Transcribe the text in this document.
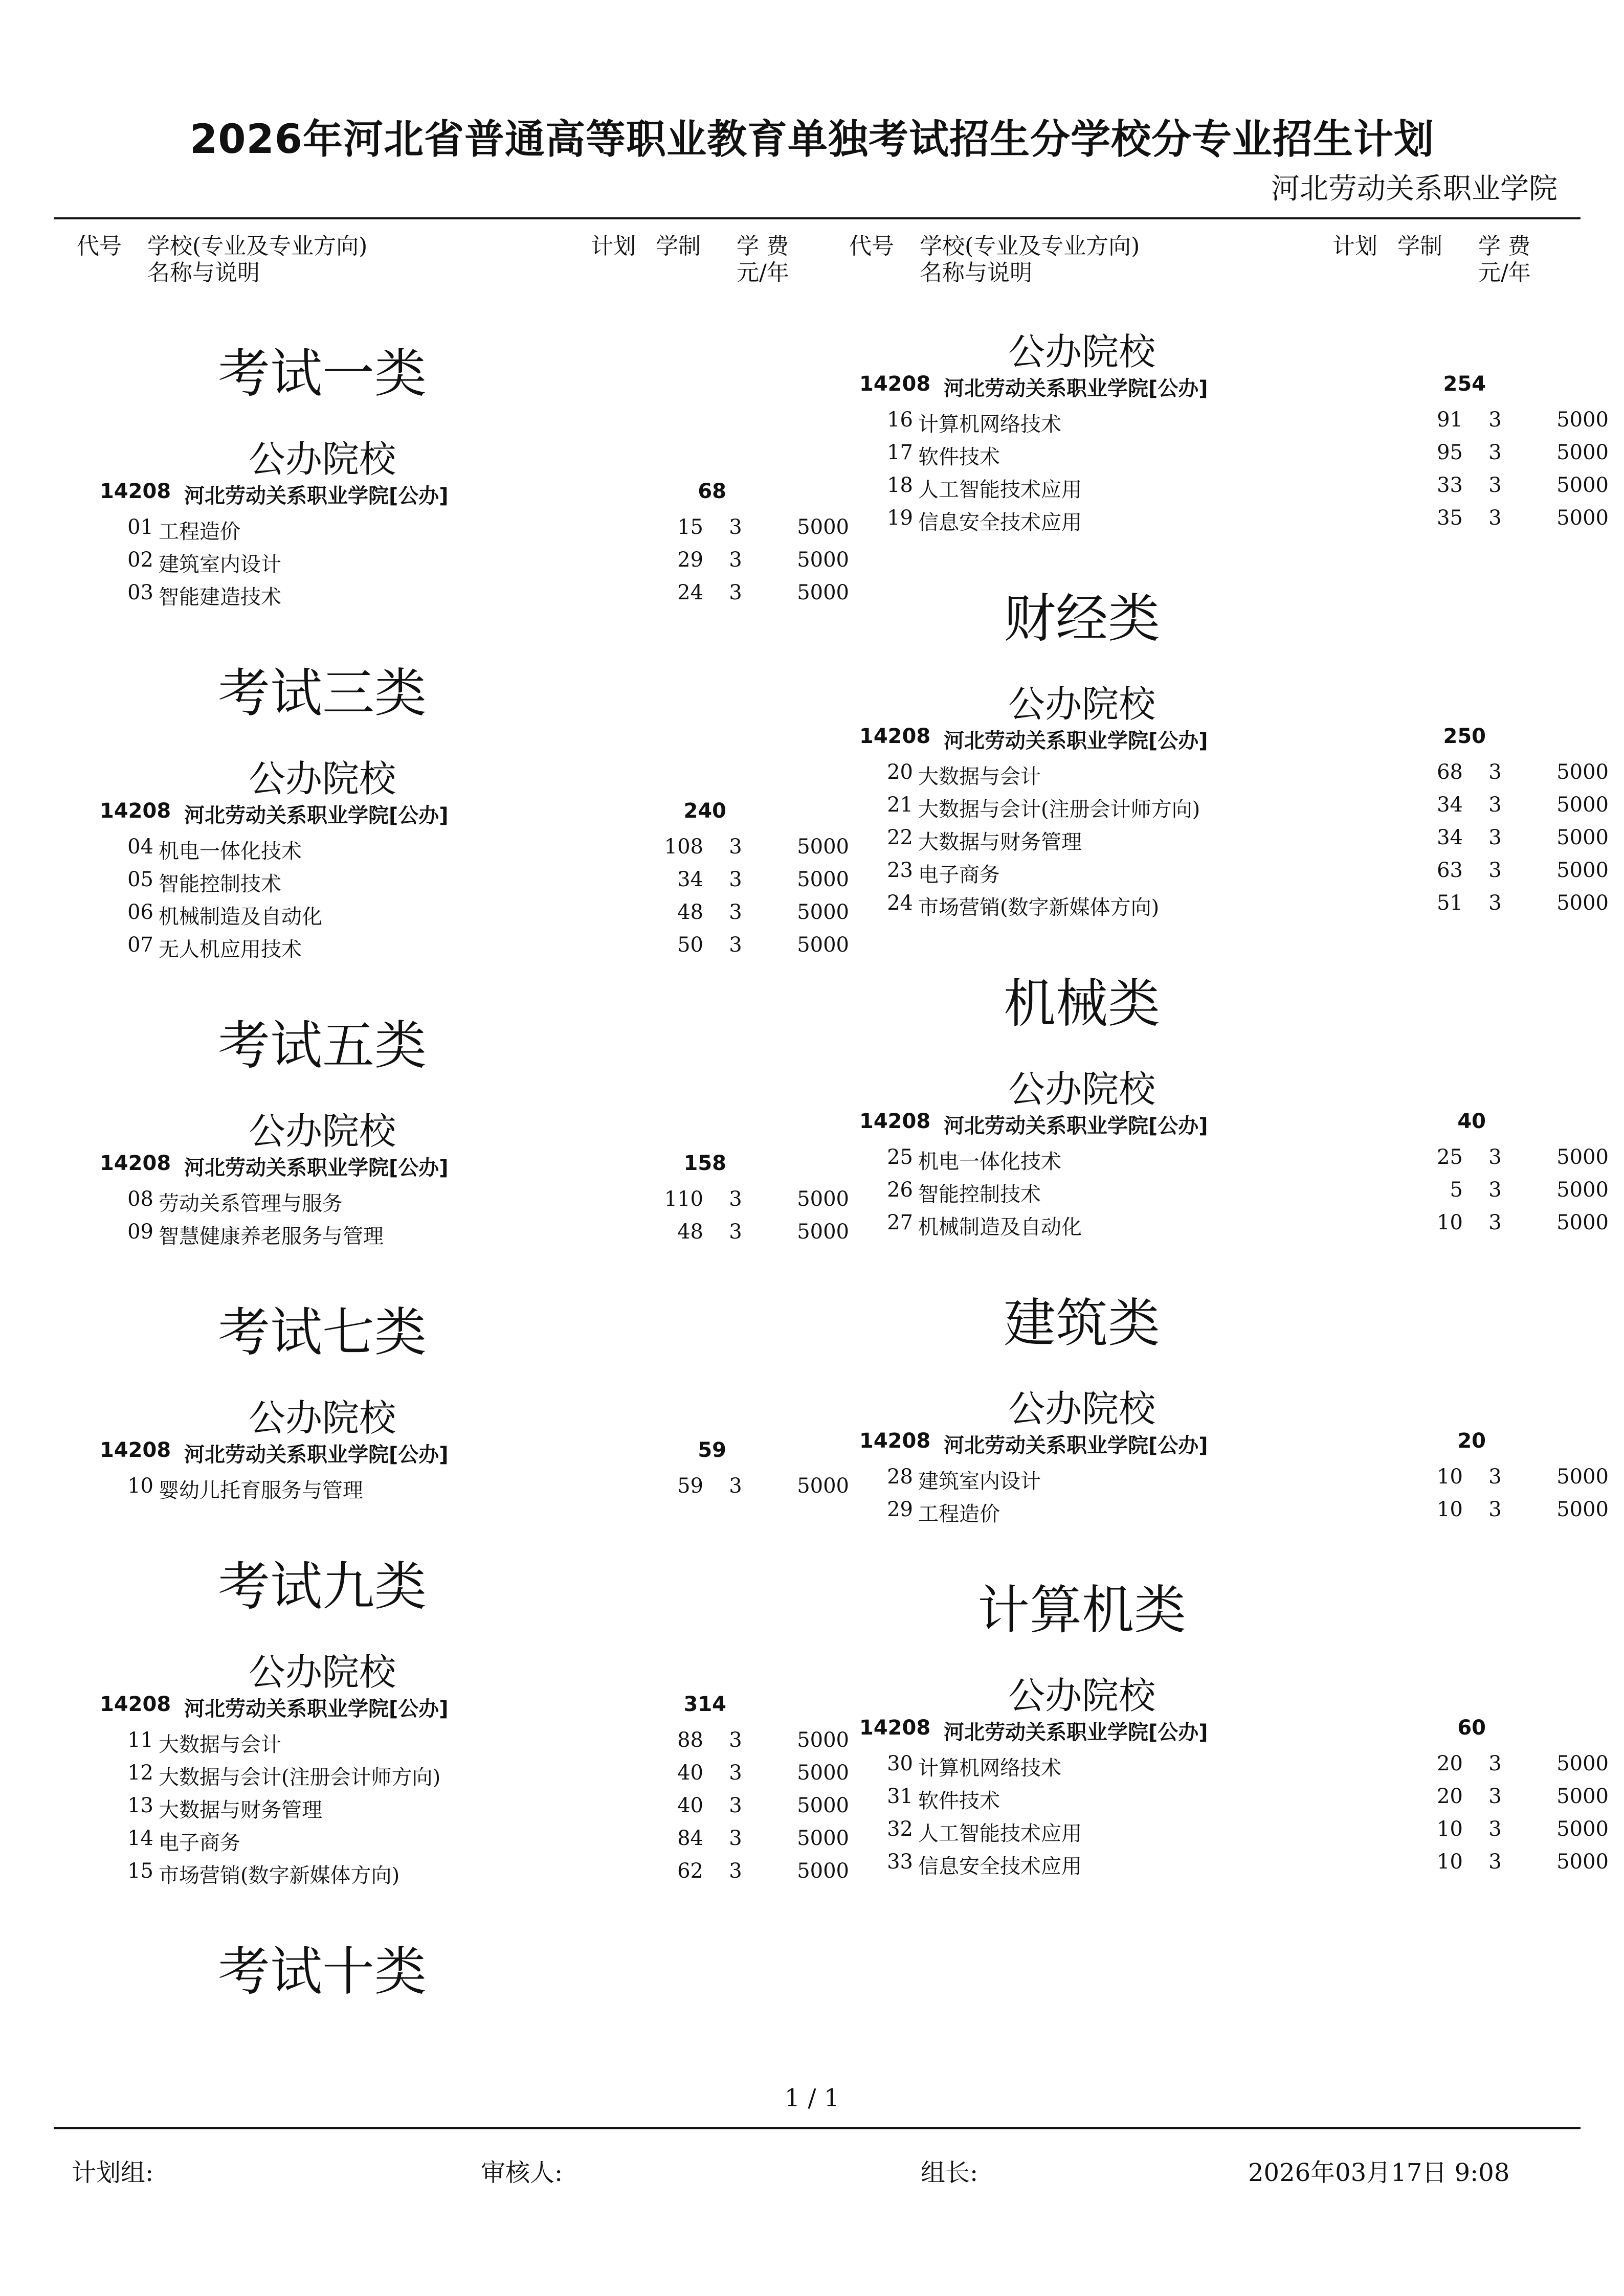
2026年河北省普通高等职业教育单独考试招生分学校分专业招生计划
河北劳动关系职业学院
代号 学校(专业及专业方向)
名称与说明
计划 学制 学 费
元/年
代号 学校(专业及专业方向)
名称与说明
计划 学制 学 费
元/年
考试一类
公办院校
14208 河北劳动关系职业学院[公办]	68
01 工程造价	15 3	5000
02 建筑室内设计	29 3	5000
03 智能建造技术	24 3	5000
考试三类
公办院校
14208 河北劳动关系职业学院[公办]	240
04 机电一体化技术	108 3	5000
05 智能控制技术	34 3	5000
06 机械制造及自动化	48 3	5000
07 无人机应用技术	50 3	5000
考试五类
公办院校
14208 河北劳动关系职业学院[公办]	158
08 劳动关系管理与服务	110 3	5000
09 智慧健康养老服务与管理	48 3	5000
考试七类
公办院校
14208 河北劳动关系职业学院[公办]	59
10 婴幼儿托育服务与管理	59 3	5000
考试九类
公办院校
14208 河北劳动关系职业学院[公办]	314
11 大数据与会计	88 3	5000
12 大数据与会计(注册会计师方向)	40 3	5000
13 大数据与财务管理	40 3	5000
14 电子商务	84 3	5000
15 市场营销(数字新媒体方向)	62 3	5000
考试十类
公办院校
14208 河北劳动关系职业学院[公办]	254
16 计算机网络技术	91 3	5000
17 软件技术	95 3	5000
18 人工智能技术应用	33 3	5000
19 信息安全技术应用	35 3	5000
财经类
公办院校
14208 河北劳动关系职业学院[公办]	250
20 大数据与会计	68 3	5000
21 大数据与会计(注册会计师方向)	34 3	5000
22 大数据与财务管理	34 3	5000
23 电子商务	63 3	5000
24 市场营销(数字新媒体方向)	51 3	5000
机械类
公办院校
14208 河北劳动关系职业学院[公办]	40
25 机电一体化技术	25 3	5000
26 智能控制技术	5 3	5000
27 机械制造及自动化	10 3	5000
建筑类
公办院校
14208 河北劳动关系职业学院[公办]	20
28 建筑室内设计	10 3	5000
29 工程造价	10 3	5000
计算机类
公办院校
14208 河北劳动关系职业学院[公办]	60
30 计算机网络技术	20 3	5000
31 软件技术	20 3	5000
32 人工智能技术应用	10 3	5000
33 信息安全技术应用	10 3	5000
1 / 1
计划组:	审核人:	组长:	2026年03月17日 9:08
